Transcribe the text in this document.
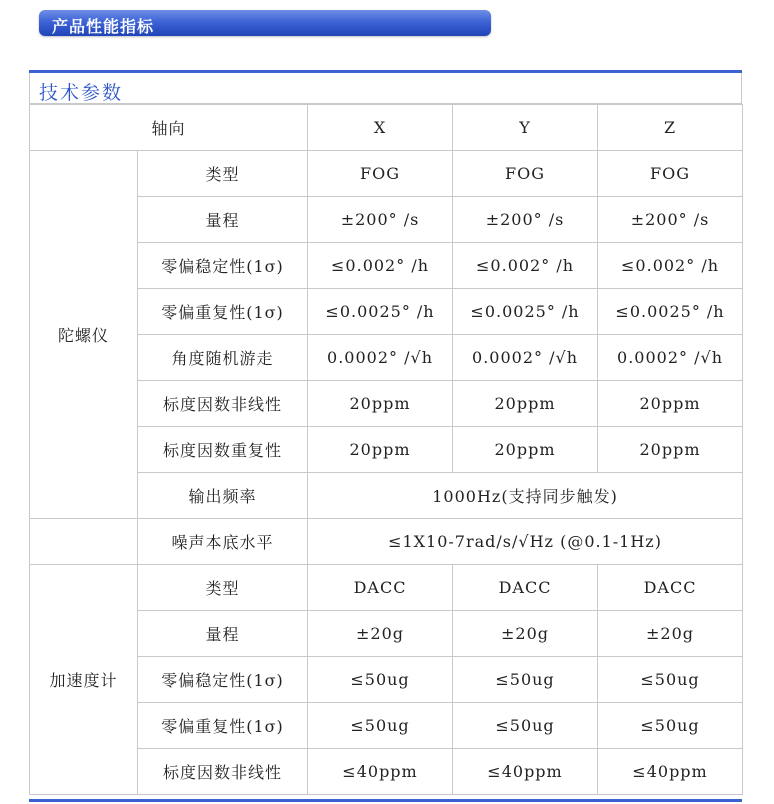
产品性能指标
技术参数
轴向		X	Y	Z
陀螺仪	类型	FOG	FOG	FOG
	量程	±200° /s	±200° /s	±200° /s
	零偏稳定性(1σ)	≤0.002° /h	≤0.002° /h	≤0.002° /h
	零偏重复性(1σ)	≤0.0025° /h	≤0.0025° /h	≤0.0025° /h
	角度随机游走	0.0002° /√h	0.0002° /√h	0.0002° /√h
	标度因数非线性	20ppm	20ppm	20ppm
	标度因数重复性	20ppm	20ppm	20ppm
	输出频率	1000Hz(支持同步触发)		
	噪声本底水平	≤1X10-7rad/s/√Hz (@0.1-1Hz)		
加速度计	类型	DACC	DACC	DACC
	量程	±20g	±20g	±20g
	零偏稳定性(1σ)	≤50ug	≤50ug	≤50ug
	零偏重复性(1σ)	≤50ug	≤50ug	≤50ug
	标度因数非线性	≤40ppm	≤40ppm	≤40ppm
